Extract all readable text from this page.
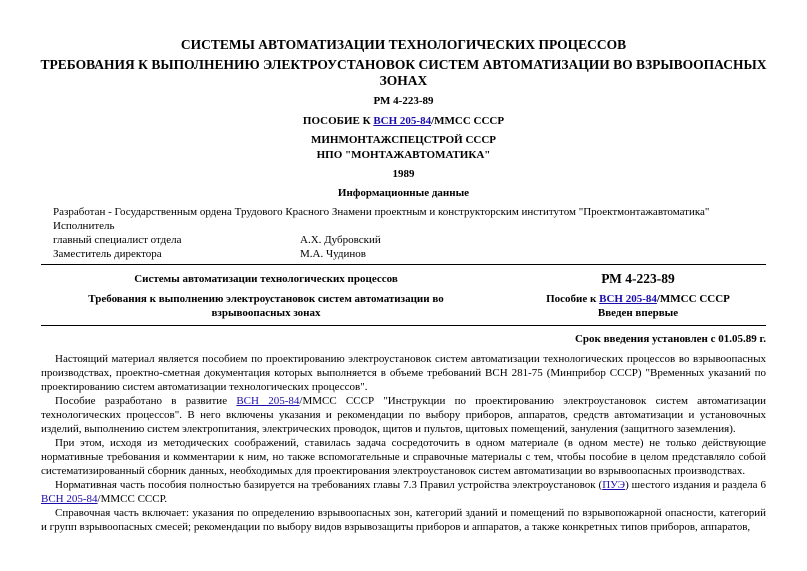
СИСТЕМЫ АВТОМАТИЗАЦИИ ТЕХНОЛОГИЧЕСКИХ ПРОЦЕССОВ
ТРЕБОВАНИЯ К ВЫПОЛНЕНИЮ ЭЛЕКТРОУСТАНОВОК СИСТЕМ АВТОМАТИЗАЦИИ ВО ВЗРЫВООПАСНЫХ
ЗОНАХ
РМ 4-223-89
ПОСОБИЕ К ВСН 205-84/ММСС СССР
МИНМОНТАЖСПЕЦСТРОЙ СССР
НПО "МОНТАЖАВТОМАТИКА"
1989
Информационные данные
Разработан - Государственным ордена Трудового Красного Знамени проектным и конструкторским институтом "Проектмонтажавтоматика"
Исполнитель
главный специалист отдела	А.Х. Дубровский
Заместитель директора	М.А. Чудинов
Системы автоматизации технологических процессов
Требования к выполнению электроустановок систем автоматизации во
взрывоопасных зонах
РМ 4-223-89
Пособие к ВСН 205-84/ММСС СССР
Введен впервые
Срок введения установлен с 01.05.89 г.
Настоящий материал является пособием по проектированию электроустановок систем автоматизации технологических процессов во взрывоопасных производствах, проектно-сметная документация которых выполняется в объеме требований ВСН 281-75 (Минприбор СССР) "Временных указаний по проектированию систем автоматизации технологических процессов".
Пособие разработано в развитие ВСН 205-84/ММСС СССР "Инструкции по проектированию электроустановок систем автоматизации технологических процессов". В него включены указания и рекомендации по выбору приборов, аппаратов, средств автоматизации и установочных изделий, выполнению систем электропитания, электрических проводок, щитов и пультов, щитовых помещений, зануления (защитного заземления).
При этом, исходя из методических соображений, ставилась задача сосредоточить в одном материале (в одном месте) не только действующие нормативные требования и комментарии к ним, но также вспомогательные и справочные материалы с тем, чтобы пособие в целом представляло собой систематизированный сборник данных, необходимых для проектирования электроустановок систем автоматизации во взрывоопасных производствах.
Нормативная часть пособия полностью базируется на требованиях главы 7.3 Правил устройства электроустановок (ПУЭ) шестого издания и раздела 6 ВСН 205-84/ММСС СССР.
Справочная часть включает: указания по определению взрывоопасных зон, категорий зданий и помещений по взрывопожарной опасности, категорий и групп взрывоопасных смесей; рекомендации по выбору видов взрывозащиты приборов и аппаратов, а также конкретных типов приборов, аппаратов,
